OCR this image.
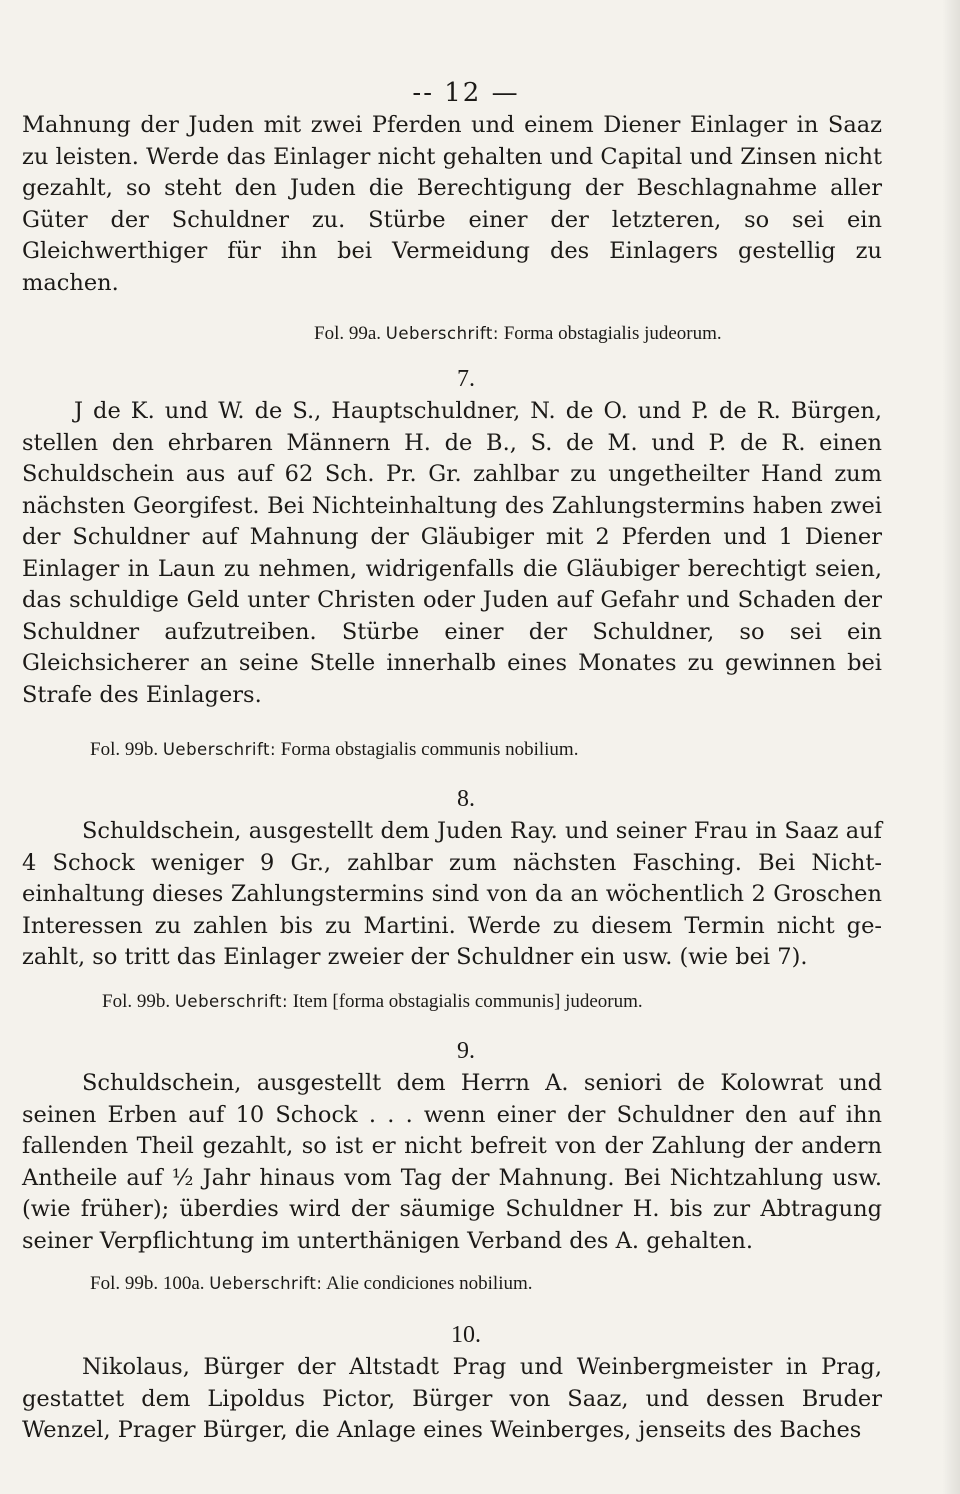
-- 12 —

Mahnung der Juden mit zwei Pferden und einem Diener Einlager in Saaz zu leisten. Werde das Einlager nicht gehalten und Capital und Zinsen nicht gezahlt, so steht den Juden die Berechtigung der Beschlagnahme aller Güter der Schuldner zu. Stürbe einer der letzteren, so sei ein Gleichwerthiger für ihn bei Vermeidung des Einlagers gestellig zu machen.

Fol. 99a. Ueberschrift: Forma obstagialis judeorum.
7.

J de K. und W. de S., Hauptschuldner, N. de O. und P. de R. Bürgen, stellen den ehrbaren Männern H. de B., S. de M. und P. de R. einen Schuldschein aus auf 62 Sch. Pr. Gr. zahlbar zu ungetheilter Hand zum nächsten Georgifest. Bei Nichteinhaltung des Zahlungstermins haben zwei der Schuldner auf Mahnung der Gläubiger mit 2 Pferden und 1 Diener Einlager in Laun zu nehmen, widrigenfalls die Gläubiger berechtigt seien, das schuldige Geld unter Christen oder Juden auf Gefahr und Schaden der Schuldner aufzutreiben. Stürbe einer der Schuldner, so sei ein Gleichsicherer an seine Stelle innerhalb eines Monates zu gewinnen bei Strafe des Einlagers.

Fol. 99b. Ueberschrift: Forma obstagialis communis nobilium.
8.

Schuldschein, ausgestellt dem Juden Ray. und seiner Frau in Saaz auf 4 Schock weniger 9 Gr., zahlbar zum nächsten Fasching. Bei Nichteinhaltung dieses Zahlungstermins sind von da an wöchentlich 2 Groschen Interessen zu zahlen bis zu Martini. Werde zu diesem Termin nicht gezahlt, so tritt das Einlager zweier der Schuldner ein usw. (wie bei 7).

Fol. 99b. Ueberschrift: Item [forma obstagialis communis] judeorum.
9.

Schuldschein, ausgestellt dem Herrn A. seniori de Kolowrat und seinen Erben auf 10 Schock . . . wenn einer der Schuldner den auf ihn fallenden Theil gezahlt, so ist er nicht befreit von der Zahlung der andern Antheile auf ½ Jahr hinaus vom Tag der Mahnung. Bei Nichtzahlung usw. (wie früher); überdies wird der säumige Schuldner H. bis zur Abtragung seiner Verpflichtung im unterthänigen Verband des A. gehalten.

Fol. 99b. 100a. Ueberschrift: Alie condiciones nobilium.
10.

Nikolaus, Bürger der Altstadt Prag und Weinbergmeister in Prag, gestattet dem Lipoldus Pictor, Bürger von Saaz, und dessen Bruder Wenzel, Prager Bürger, die Anlage eines Weinberges, jenseits des Baches
